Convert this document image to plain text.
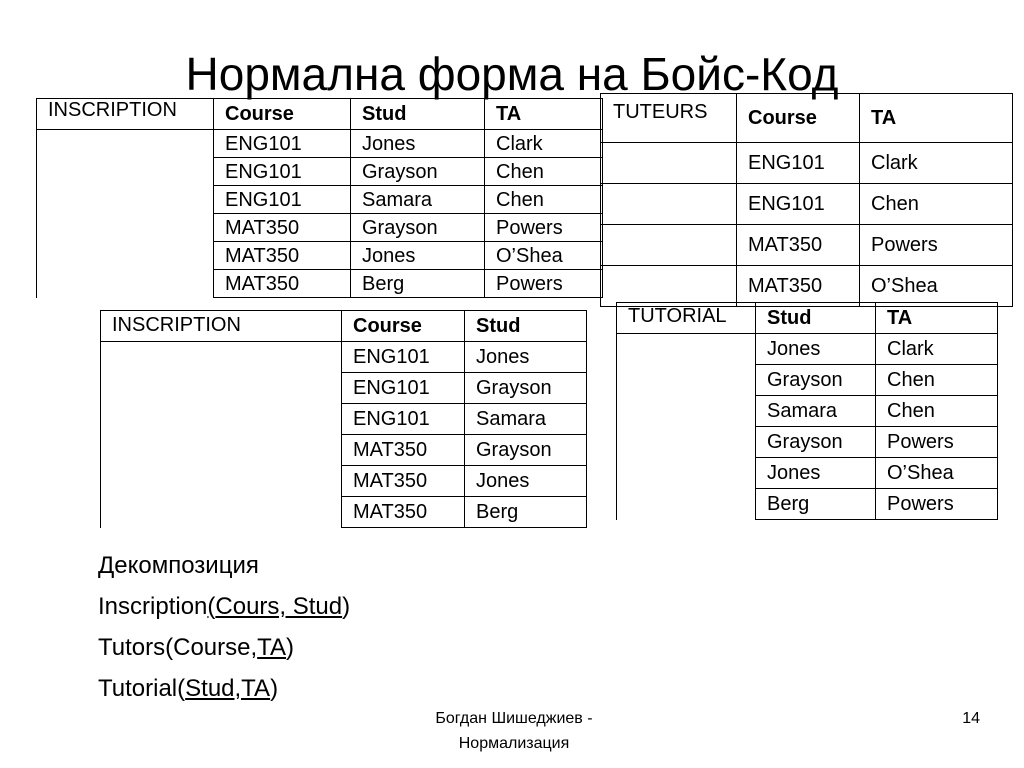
Нормална форма на Бойс-Код
INSCRIPTION	Course	Stud	TA
	ENG101	Jones	Clark
	ENG101	Grayson	Chen
	ENG101	Samara	Chen
	MAT350	Grayson	Powers
	MAT350	Jones	O’Shea
	MAT350	Berg	Powers
TUTEURS	Course	TA
	ENG101	Clark
	ENG101	Chen
	MAT350	Powers
	MAT350	O’Shea
INSCRIPTION	Course	Stud
	ENG101	Jones
	ENG101	Grayson
	ENG101	Samara
	MAT350	Grayson
	MAT350	Jones
	MAT350	Berg
TUTORIAL	Stud	TA
	Jones	Clark
	Grayson	Chen
	Samara	Chen
	Grayson	Powers
	Jones	O’Shea
	Berg	Powers
Декомпозиция
Inscription(Cours, Stud)
Tutors(Course,TA)
Tutorial(Stud,TA)
Богдан Шишеджиев -
Нормализация
14
